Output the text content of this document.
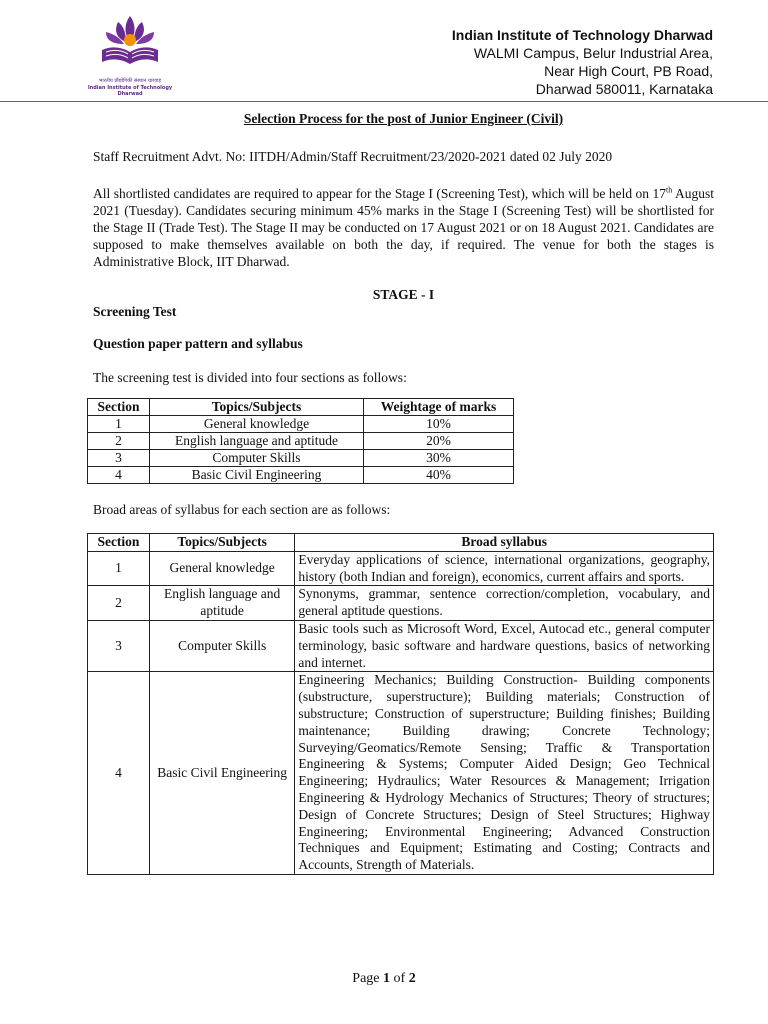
भारतीय प्रौद्योगिकी संस्थान धारवाड़
Indian Institute of Technology Dharwad
Indian Institute of Technology Dharwad
WALMI Campus, Belur Industrial Area,
Near High Court, PB Road,
Dharwad 580011, Karnataka

Selection Process for the post of Junior Engineer (Civil)

Staff Recruitment Advt. No: IITDH/Admin/Staff Recruitment/23/2020-2021 dated 02 July 2020

All shortlisted candidates are required to appear for the Stage I (Screening Test), which will be held on 17th August 2021 (Tuesday). Candidates securing minimum 45% marks in the Stage I (Screening Test) will be shortlisted for the Stage II (Trade Test). The Stage II may be conducted on 17 August 2021 or on 18 August 2021. Candidates are supposed to make themselves available on both the day, if required. The venue for both the stages is Administrative Block, IIT Dharwad.

STAGE - I

Screening Test

Question paper pattern and syllabus

The screening test is divided into four sections as follows:

Section	Topics/Subjects	Weightage of marks
1	General knowledge	10%
2	English language and aptitude	20%
3	Computer Skills	30%
4	Basic Civil Engineering	40%

Broad areas of syllabus for each section are as follows:

Section	Topics/Subjects	Broad syllabus
1	General knowledge	Everyday applications of science, international organizations, geography, history (both Indian and foreign), economics, current affairs and sports.
2	English language and aptitude	Synonyms, grammar, sentence correction/completion, vocabulary, and general aptitude questions.
3	Computer Skills	Basic tools such as Microsoft Word, Excel, Autocad etc., general computer terminology, basic software and hardware questions, basics of networking and internet.
4	Basic Civil Engineering	Engineering Mechanics; Building Construction- Building components (substructure, superstructure); Building materials; Construction of substructure; Construction of superstructure; Building finishes; Building maintenance; Building drawing; Concrete Technology; Surveying/Geomatics/Remote Sensing; Traffic & Transportation Engineering & Systems; Computer Aided Design; Geo Technical Engineering; Hydraulics; Water Resources & Management; Irrigation Engineering & Hydrology Mechanics of Structures; Theory of structures; Design of Concrete Structures; Design of Steel Structures; Highway Engineering; Environmental Engineering; Advanced Construction Techniques and Equipment; Estimating and Costing; Contracts and Accounts, Strength of Materials.
Page 1 of 2
